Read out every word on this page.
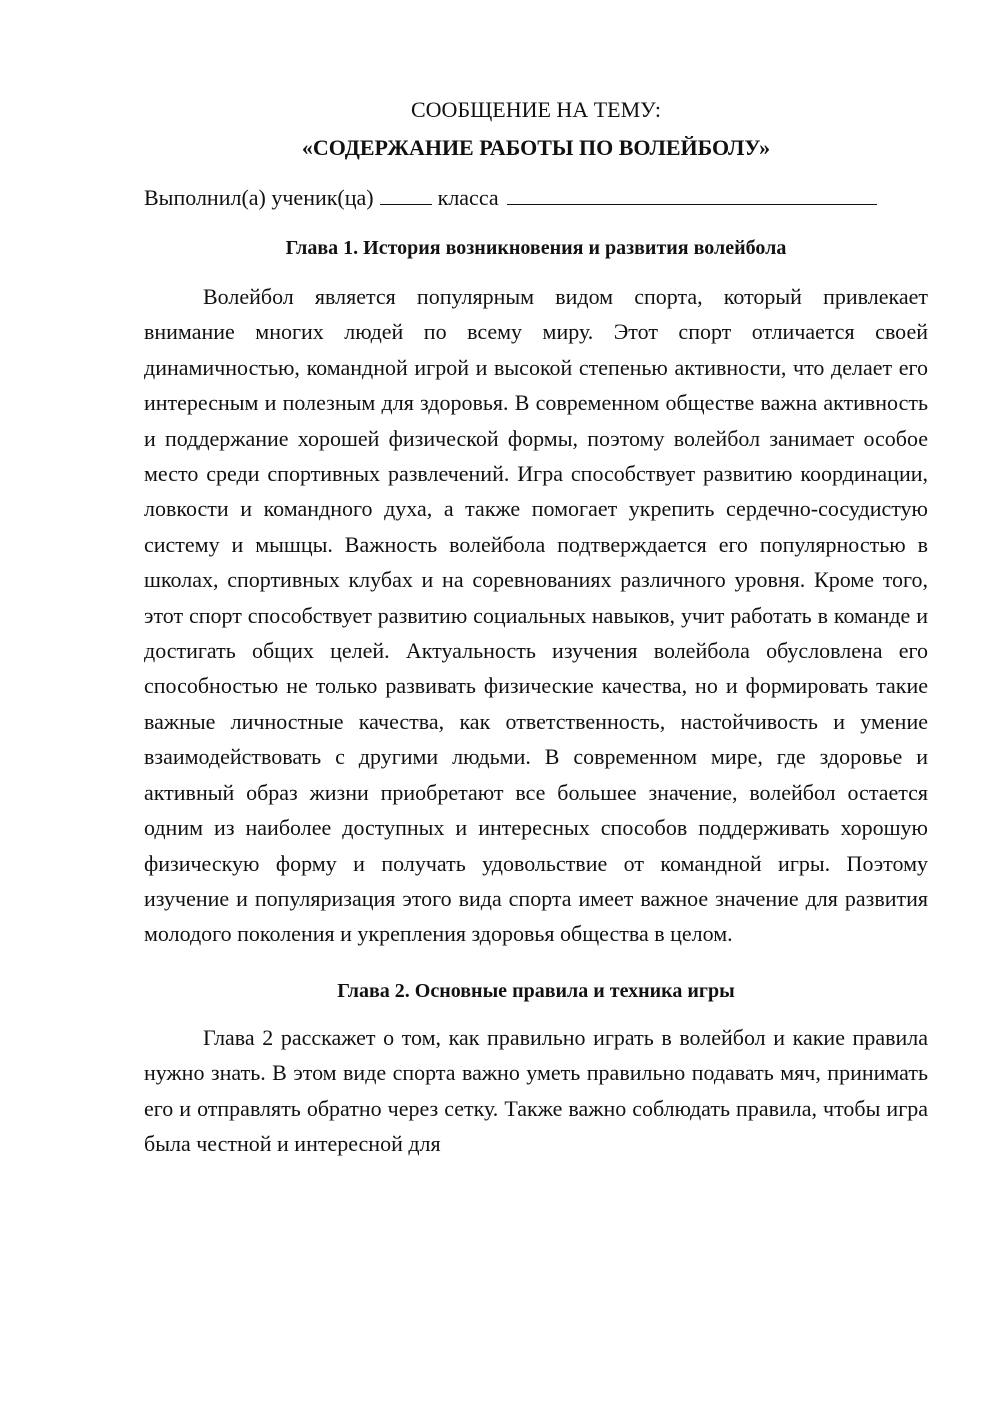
СООБЩЕНИЕ НА ТЕМУ:
«СОДЕРЖАНИЕ РАБОТЫ ПО ВОЛЕЙБОЛУ»
Выполнил(а) ученик(ца)	класса
Глава 1. История возникновения и развития волейбола

Волейбол является популярным видом спорта, который привлекает внимание многих людей по всему миру. Этот спорт отличается своей динамичностью, командной игрой и высокой степенью активности, что делает его интересным и полезным для здоровья. В современном обществе важна активность и поддержание хорошей физической формы, поэтому волейбол занимает особое место среди спортивных развлечений. Игра способствует развитию координации, ловкости и командного духа, а также помогает укрепить сердечно-сосудистую систему и мышцы. Важность волейбола подтверждается его популярностью в школах, спортивных клубах и на соревнованиях различного уровня. Кроме того, этот спорт способствует развитию социальных навыков, учит работать в команде и достигать общих целей. Актуальность изучения волейбола обусловлена его способностью не только развивать физические качества, но и формировать такие важные личностные качества, как ответственность, настойчивость и умение взаимодействовать с другими людьми. В современном мире, где здоровье и активный образ жизни приобретают все большее значение, волейбол остается одним из наиболее доступных и интересных способов поддерживать хорошую физическую форму и получать удовольствие от командной игры. Поэтому изучение и популяризация этого вида спорта имеет важное значение для развития молодого поколения и укрепления здоровья общества в целом.

Глава 2. Основные правила и техника игры

Глава 2 расскажет о том, как правильно играть в волейбол и какие правила нужно знать. В этом виде спорта важно уметь правильно подавать мяч, принимать его и отправлять обратно через сетку. Также важно соблюдать правила, чтобы игра была честной и интересной для
